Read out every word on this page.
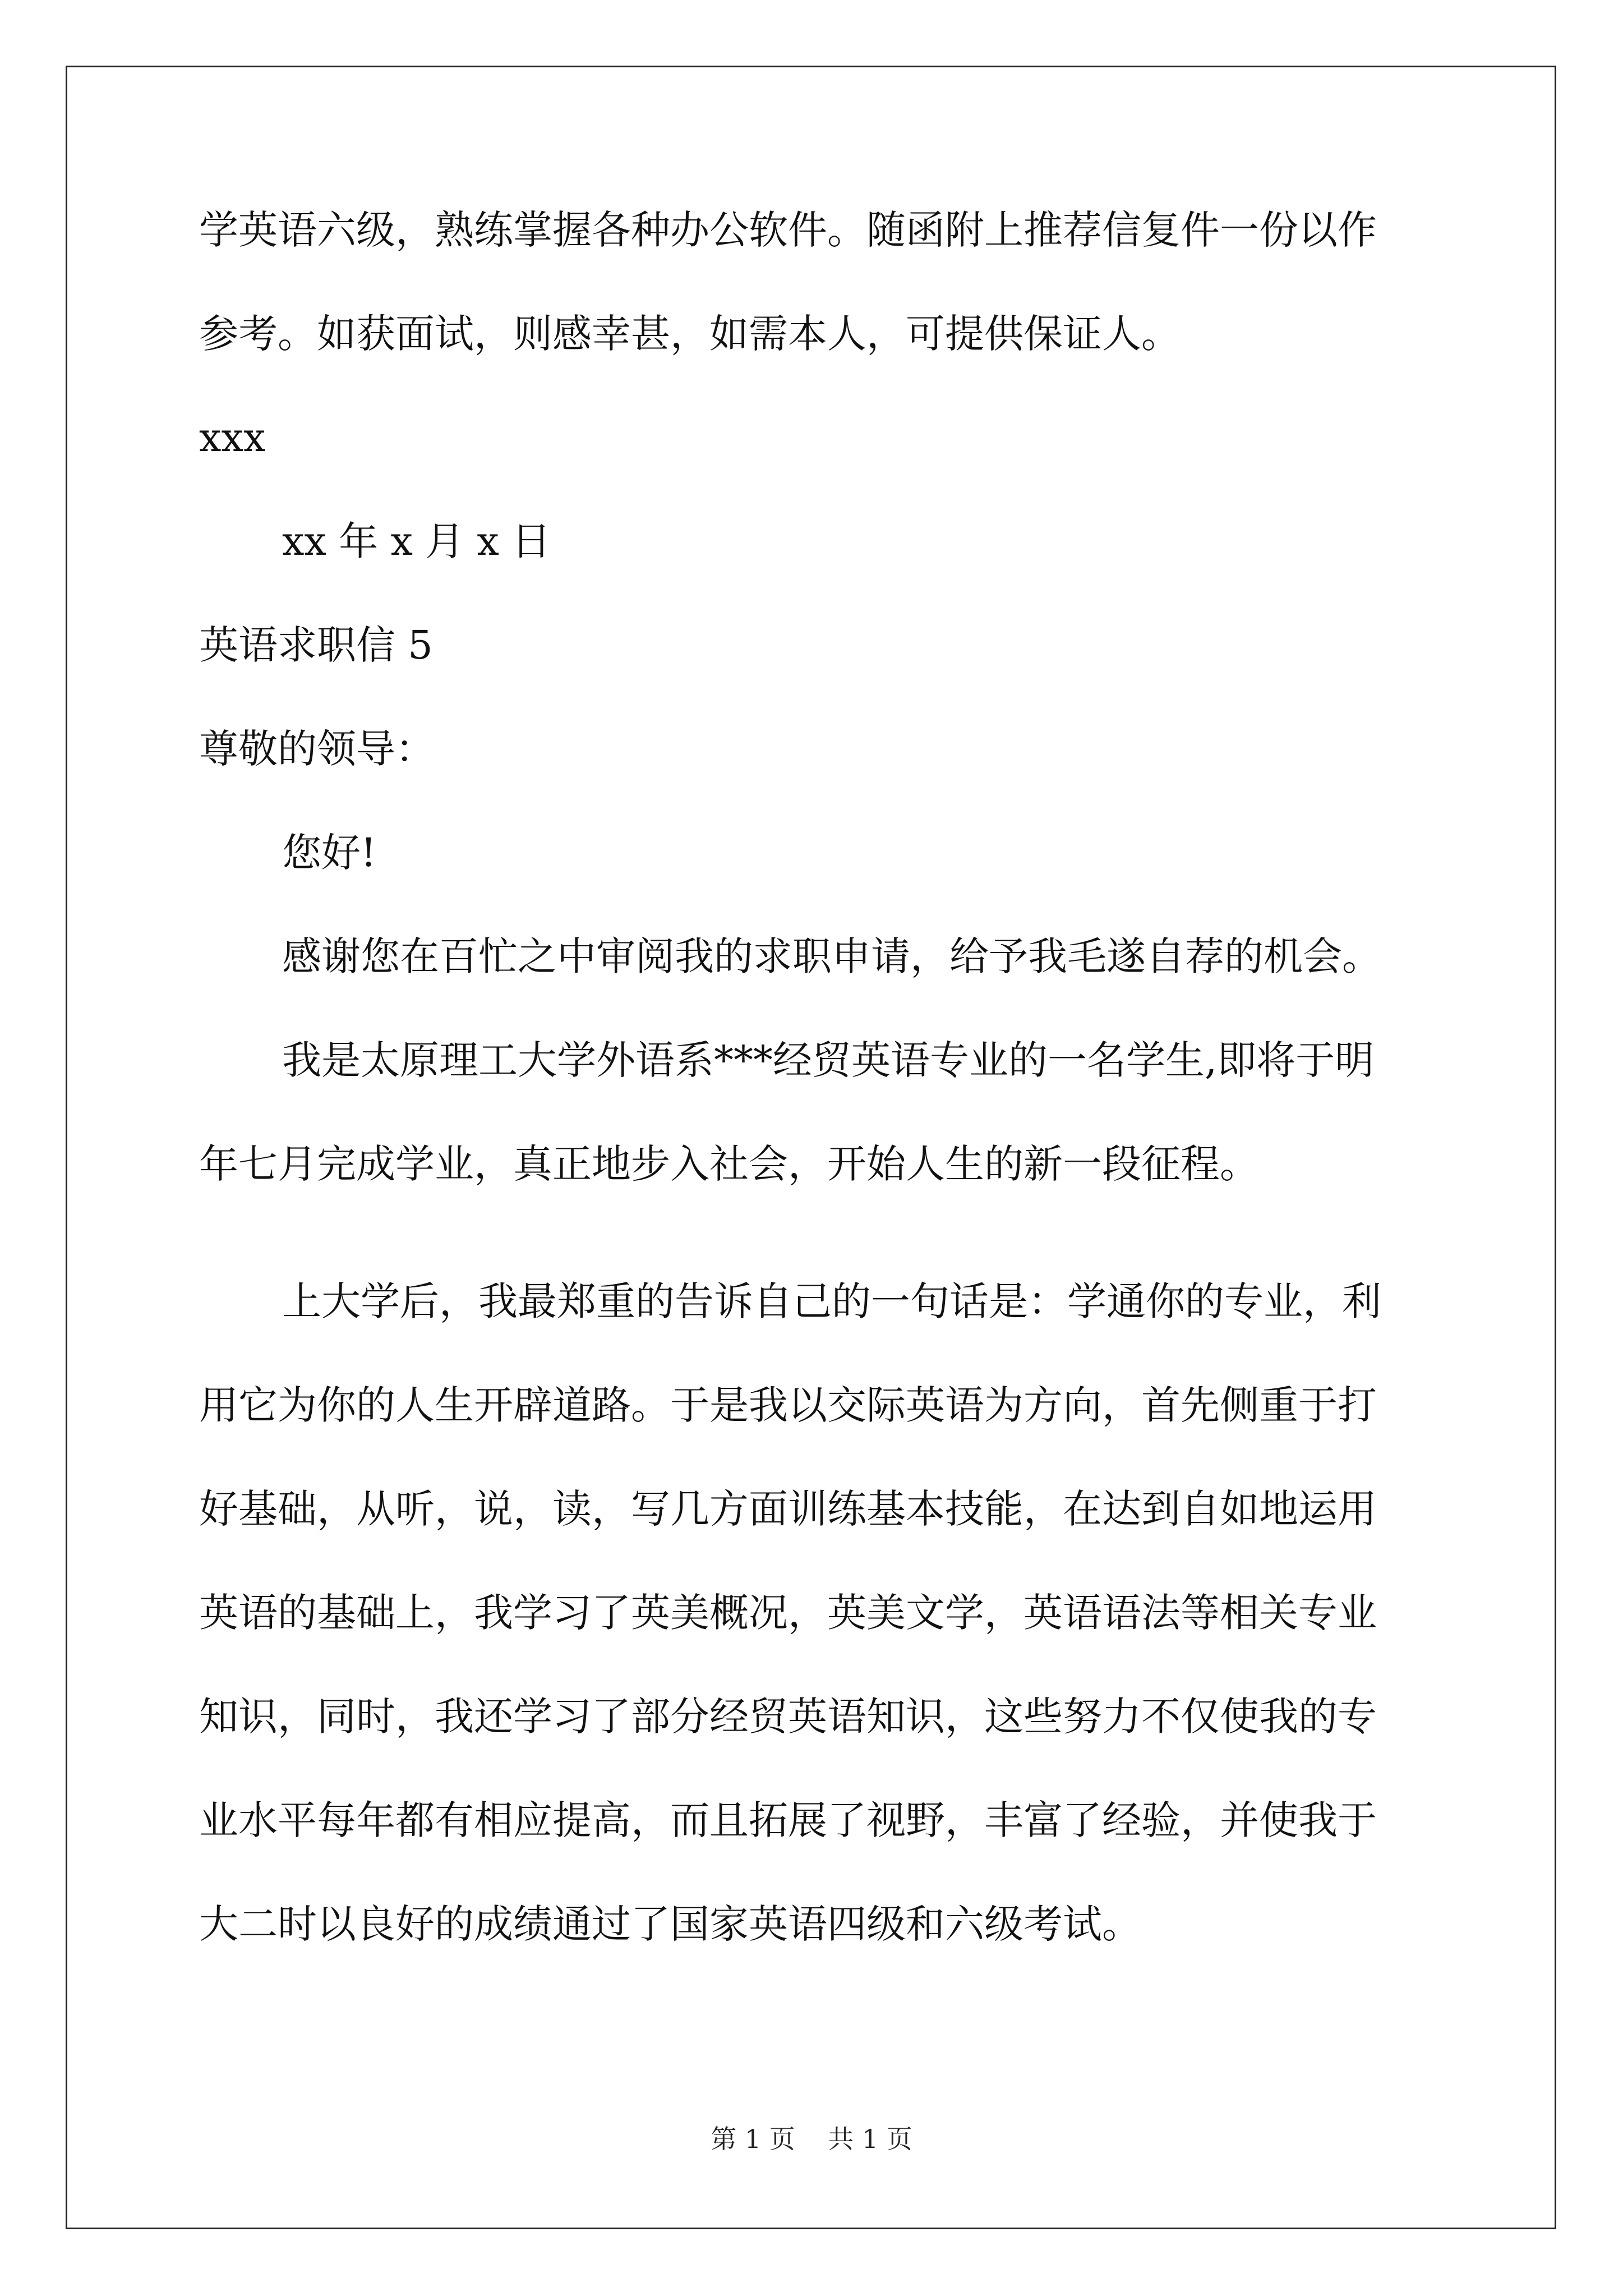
学英语六级，熟练掌握各种办公软件。随函附上推荐信复件一份以作

参考。如获面试，则感幸甚，如需本人，可提供保证人。

xxx

xx 年 x 月 x 日

英语求职信 5

尊敬的领导：

您好!

感谢您在百忙之中审阅我的求职申请，给予我毛遂自荐的机会。

我是太原理工大学外语系***经贸英语专业的一名学生,即将于明

年七月完成学业，真正地步入社会，开始人生的新一段征程。

上大学后，我最郑重的告诉自己的一句话是：学通你的专业，利

用它为你的人生开辟道路。于是我以交际英语为方向，首先侧重于打

好基础，从听，说，读，写几方面训练基本技能，在达到自如地运用

英语的基础上，我学习了英美概况，英美文学，英语语法等相关专业

知识，同时，我还学习了部分经贸英语知识，这些努力不仅使我的专

业水平每年都有相应提高，而且拓展了视野，丰富了经验，并使我于

大二时以良好的成绩通过了国家英语四级和六级考试。

第 1 页    共 1 页
